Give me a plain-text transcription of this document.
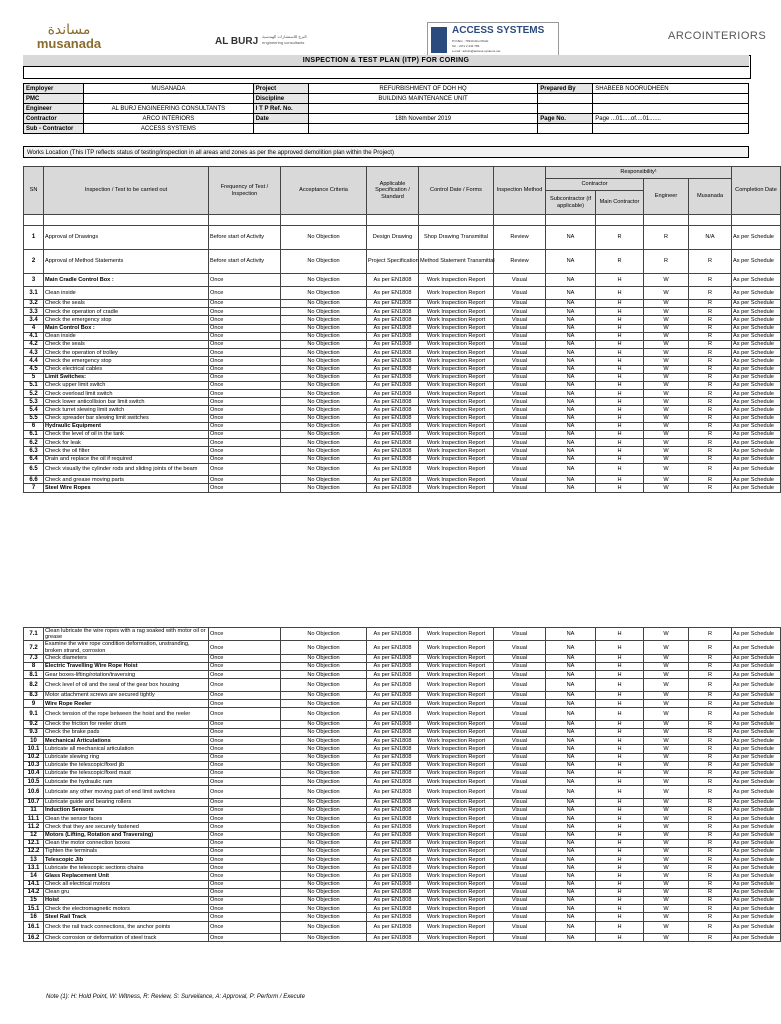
مساندة
musanada	AL BURJ البرج للاستشارات الهندسية
engineering consultants
ACCESS SYSTEMS
P.O.Box : 76910 Abu Dhabi
Tel : +971 2 444 789
e-mail : admin@access-systems.net
ARCOINTERIORS
INSPECTION & TEST PLAN (ITP) FOR CORING
Employer	MUSANADA	Project	REFURBISHMENT OF DOH HQ	Prepared By	SHABEEB NOORUDHEEN
PMC		Discipline	BUILDING MAINTENANCE UNIT		
Engineer	AL BURJ ENGINEERING CONSULTANTS	I T P Ref. No.			
Contractor	ARCO INTERIORS	Date	18th November 2019	Page No.	Page ...01.....of....01.......
Sub - Contractor	ACCESS SYSTEMS				
Works Location (This ITP reflects status of testing/inspection in all areas and zones as per the approved demolition plan within the Project)
SN	Inspection / Test to be carried out	Frequency of Test / Inspection	Acceptance Criteria	Applicable Specification / Standard	Control Date / Forms	Inspection Method	Responsibility¹				Completion Date
							Contractor		Engineer	Musanada	
							Subcontractor (if applicable)	Main Contractor			

1	Approval of Drawings	Before start of Activity	No Objection	Design Drawing	Shop Drawing Transmittal	Review	NA	R	R	N/A	As per Schedule
2	Approval of Method Statements	Before start of Activity	No Objection	Project Specification	Method Statement Transmittal	Review	NA	R	R	R	As per Schedule
3	Main Cradle Control Box :	Once	No Objection	As per EN1808	Work Inspection Report	Visual	NA	H	W	R	As per Schedule
3.1	Clean inside	Once	No Objection	As per EN1808	Work Inspection Report	Visual	NA	H	W	R	As per Schedule
3.2	Check the seals	Once	No Objection	As per EN1808	Work Inspection Report	Visual	NA	H	W	R	As per Schedule
3.3	Check the operation of cradle	Once	No Objection	As per EN1808	Work Inspection Report	Visual	NA	H	W	R	As per Schedule
3.4	Check the emergency stop	Once	No Objection	As per EN1808	Work Inspection Report	Visual	NA	H	W	R	As per Schedule
4	Main Control Box :	Once	No Objection	As per EN1808	Work Inspection Report	Visual	NA	H	W	R	As per Schedule
4.1	Clean inside	Once	No Objection	As per EN1808	Work Inspection Report	Visual	NA	H	W	R	As per Schedule
4.2	Check the seals	Once	No Objection	As per EN1808	Work Inspection Report	Visual	NA	H	W	R	As per Schedule
4.3	Check the operation of trolley	Once	No Objection	As per EN1808	Work Inspection Report	Visual	NA	H	W	R	As per Schedule
4.4	Check the emergency stop	Once	No Objection	As per EN1808	Work Inspection Report	Visual	NA	H	W	R	As per Schedule
4.5	Check electrical cables	Once	No Objection	As per EN1808	Work Inspection Report	Visual	NA	H	W	R	As per Schedule
5	Limit Switches:	Once	No Objection	As per EN1808	Work Inspection Report	Visual	NA	H	W	R	As per Schedule
5.1	Check upper limit switch	Once	No Objection	As per EN1808	Work Inspection Report	Visual	NA	H	W	R	As per Schedule
5.2	Check overload limit switch	Once	No Objection	As per EN1808	Work Inspection Report	Visual	NA	H	W	R	As per Schedule
5.3	Check lower anticollision bar limit switch	Once	No Objection	As per EN1808	Work Inspection Report	Visual	NA	H	W	R	As per Schedule
5.4	Check turret slewing limit switch	Once	No Objection	As per EN1808	Work Inspection Report	Visual	NA	H	W	R	As per Schedule
5.5	Check spreader bar slewing limit switches	Once	No Objection	As per EN1808	Work Inspection Report	Visual	NA	H	W	R	As per Schedule
6	Hydraulic Equipment	Once	No Objection	As per EN1808	Work Inspection Report	Visual	NA	H	W	R	As per Schedule
6.1	Check the level of oil in the tank	Once	No Objection	As per EN1808	Work Inspection Report	Visual	NA	H	W	R	As per Schedule
6.2	Check for leak	Once	No Objection	As per EN1808	Work Inspection Report	Visual	NA	H	W	R	As per Schedule
6.3	Check the oil filter	Once	No Objection	As per EN1808	Work Inspection Report	Visual	NA	H	W	R	As per Schedule
6.4	Drain and replace the oil if required	Once	No Objection	As per EN1808	Work Inspection Report	Visual	NA	H	W	R	As per Schedule
6.5	Check visually the cylinder rods and sliding joints of the beam	Once	No Objection	As per EN1808	Work Inspection Report	Visual	NA	H	W	R	As per Schedule
6.6	Check and grease moving parts	Once	No Objection	As per EN1808	Work Inspection Report	Visual	NA	H	W	R	As per Schedule
7	Steel Wire Ropes	Once	No Objection	As per EN1808	Work Inspection Report	Visual	NA	H	W	R	As per Schedule
7.1	Clean lubricate the wire ropes with a rag soaked with motor oil or grease	Once	No Objection	As per EN1808	Work Inspection Report	Visual	NA	H	W	R	As per Schedule
7.2	Examine the wire rope condition deformation, unstranding, broken strand, corrosion	Once	No Objection	As per EN1808	Work Inspection Report	Visual	NA	H	W	R	As per Schedule
7.3	Check diameters	Once	No Objection	As per EN1808	Work Inspection Report	Visual	NA	H	W	R	As per Schedule
8	Electric Travelling Wire Rope Hoist	Once	No Objection	As per EN1808	Work Inspection Report	Visual	NA	H	W	R	As per Schedule
8.1	Gear boxes-lifting/rotation/traversing	Once	No Objection	As per EN1808	Work Inspection Report	Visual	NA	H	W	R	As per Schedule
8.2	Check level of oil and the seal of the gear box housing	Once	No Objection	As per EN1808	Work Inspection Report	Visual	NA	H	W	R	As per Schedule
8.3	Motor attachment screws are secured tightly	Once	No Objection	As per EN1808	Work Inspection Report	Visual	NA	H	W	R	As per Schedule
9	Wire Rope Reeler	Once	No Objection	As per EN1808	Work Inspection Report	Visual	NA	H	W	R	As per Schedule
9.1	Check tension of the rope between the hoist and the reeler	Once	No Objection	As per EN1808	Work Inspection Report	Visual	NA	H	W	R	As per Schedule
9.2	Check the friction for reeler drum	Once	No Objection	As per EN1808	Work Inspection Report	Visual	NA	H	W	R	As per Schedule
9.3	Check the brake pads	Once	No Objection	As per EN1808	Work Inspection Report	Visual	NA	H	W	R	As per Schedule
10	Mechanical Articulations	Once	No Objection	As per EN1808	Work Inspection Report	Visual	NA	H	W	R	As per Schedule
10.1	Lubricate all mechanical articulation	Once	No Objection	As per EN1808	Work Inspection Report	Visual	NA	H	W	R	As per Schedule
10.2	Lubricate slewing ring	Once	No Objection	As per EN1808	Work Inspection Report	Visual	NA	H	W	R	As per Schedule
10.3	Lubricate the telescopic/fixed jib	Once	No Objection	As per EN1808	Work Inspection Report	Visual	NA	H	W	R	As per Schedule
10.4	Lubricate the telescopic/fixed mast	Once	No Objection	As per EN1808	Work Inspection Report	Visual	NA	H	W	R	As per Schedule
10.5	Lubricate the hydraulic ram	Once	No Objection	As per EN1808	Work Inspection Report	Visual	NA	H	W	R	As per Schedule
10.6	Lubricate any other moving part of end limit switches	Once	No Objection	As per EN1808	Work Inspection Report	Visual	NA	H	W	R	As per Schedule
10.7	Lubricate guide and bearing rollers	Once	No Objection	As per EN1808	Work Inspection Report	Visual	NA	H	W	R	As per Schedule
11	Induction Sensors	Once	No Objection	As per EN1808	Work Inspection Report	Visual	NA	H	W	R	As per Schedule
11.1	Clean the sensor faces	Once	No Objection	As per EN1808	Work Inspection Report	Visual	NA	H	W	R	As per Schedule
11.2	Check that they are securely fastened	Once	No Objection	As per EN1808	Work Inspection Report	Visual	NA	H	W	R	As per Schedule
12	Motors (Lifting, Rotation and Traversing)	Once	No Objection	As per EN1808	Work Inspection Report	Visual	NA	H	W	R	As per Schedule
12.1	Clean the motor connection boxes	Once	No Objection	As per EN1808	Work Inspection Report	Visual	NA	H	W	R	As per Schedule
12.2	Tighten the terminals	Once	No Objection	As per EN1808	Work Inspection Report	Visual	NA	H	W	R	As per Schedule
13	Telescopic Jib	Once	No Objection	As per EN1808	Work Inspection Report	Visual	NA	H	W	R	As per Schedule
13.1	Lubricate the telescopic sections chains	Once	No Objection	As per EN1808	Work Inspection Report	Visual	NA	H	W	R	As per Schedule
14	Glass Replacement Unit	Once	No Objection	As per EN1808	Work Inspection Report	Visual	NA	H	W	R	As per Schedule
14.1	Check all electrical motors	Once	No Objection	As per EN1808	Work Inspection Report	Visual	NA	H	W	R	As per Schedule
14.2	Clean gru	Once	No Objection	As per EN1808	Work Inspection Report	Visual	NA	H	W	R	As per Schedule
15	Hoist	Once	No Objection	As per EN1808	Work Inspection Report	Visual	NA	H	W	R	As per Schedule
15.1	Check the electromagnetic motors	Once	No Objection	As per EN1808	Work Inspection Report	Visual	NA	H	W	R	As per Schedule
16	Steel Rail Track	Once	No Objection	As per EN1808	Work Inspection Report	Visual	NA	H	W	R	As per Schedule
16.1	Check the rail track connections, the anchor points	Once	No Objection	As per EN1808	Work Inspection Report	Visual	NA	H	W	R	As per Schedule
16.2	Check corrosion or deformation of steel track	Once	No Objection	As per EN1808	Work Inspection Report	Visual	NA	H	W	R	As per Schedule
Note (1): H: Hold Point, W: Witness, R: Review, S: Surveilance, A: Approval, P: Perform / Execute
